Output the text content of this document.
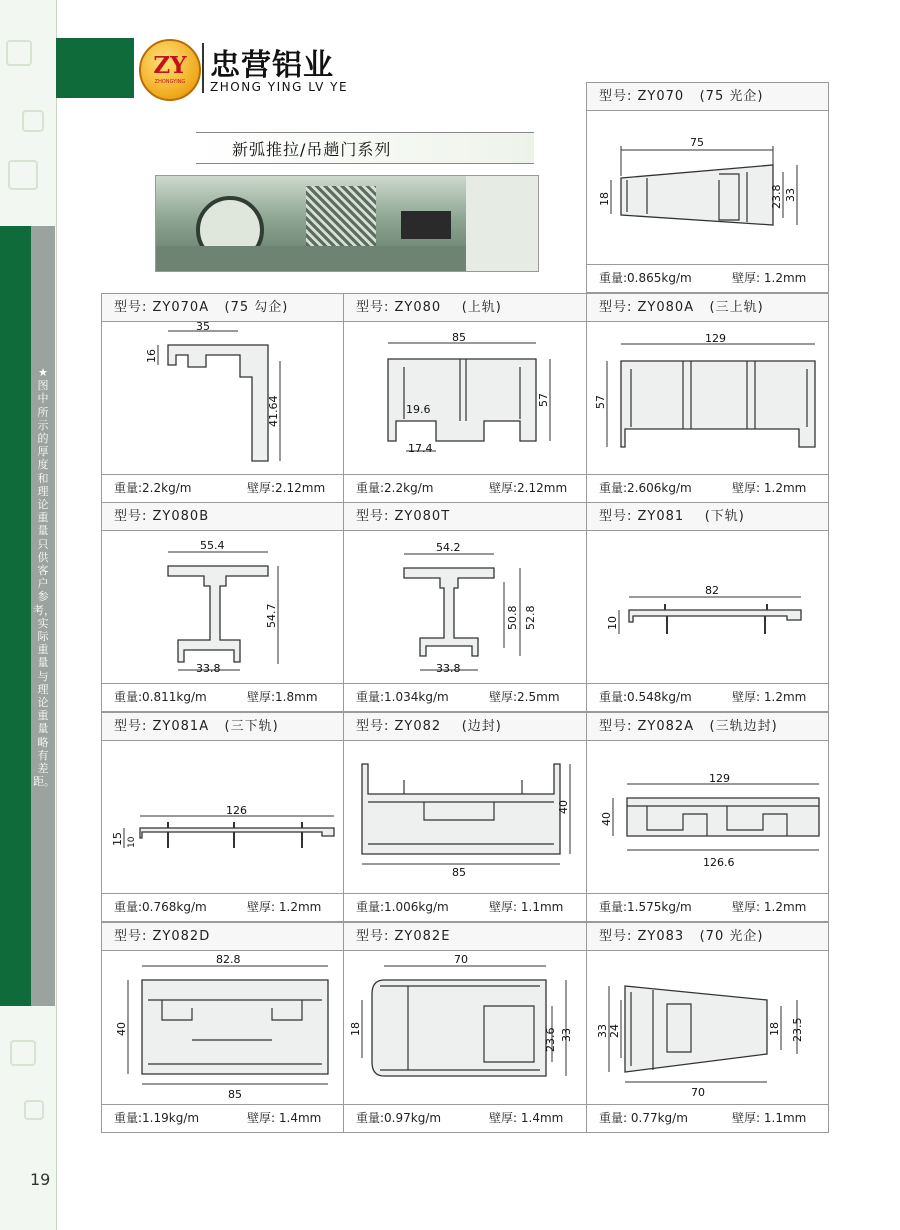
★图中所示的厚度和理论重量只供客户参考，实际重量与理论重量略有差距。
ZY
ZHONGYING 忠营铝业
ZHONG YING LV YE
新弧推拉/吊趟门系列
型号: ZY070 (75 光企)
75
18	23.8 33
重量:0.865kg/m	壁厚: 1.2mm
型号: ZY070A (75 勾企)
35
16
41.64
重量:2.2kg/m	壁厚:2.12mm
型号: ZY080 (上轨)
85
57
19.6
17.4
重量:2.2kg/m	壁厚:2.12mm
型号: ZY080A (三上轨)
129
57
重量:2.606kg/m	壁厚: 1.2mm
型号: ZY080B
55.4
54.7
33.8
重量:0.811kg/m	壁厚:1.8mm
型号: ZY080T
54.2
50.8 52.8
33.8
重量:1.034kg/m	壁厚:2.5mm
型号: ZY081 (下轨)
82
10
重量:0.548kg/m	壁厚: 1.2mm
型号: ZY081A (三下轨)
126
15 10
重量:0.768kg/m	壁厚: 1.2mm
型号: ZY082 (边封)
40
85
重量:1.006kg/m	壁厚: 1.1mm
型号: ZY082A (三轨边封)
129
40
126.6
重量:1.575kg/m	壁厚: 1.2mm
型号: ZY082D
82.8
40
85
重量:1.19kg/m	壁厚: 1.4mm
型号: ZY082E
70
18	23.6 33
重量:0.97kg/m	壁厚: 1.4mm
型号: ZY083 (70 光企)
33 24	18 23.5
70
重量: 0.77kg/m	壁厚: 1.1mm
19
